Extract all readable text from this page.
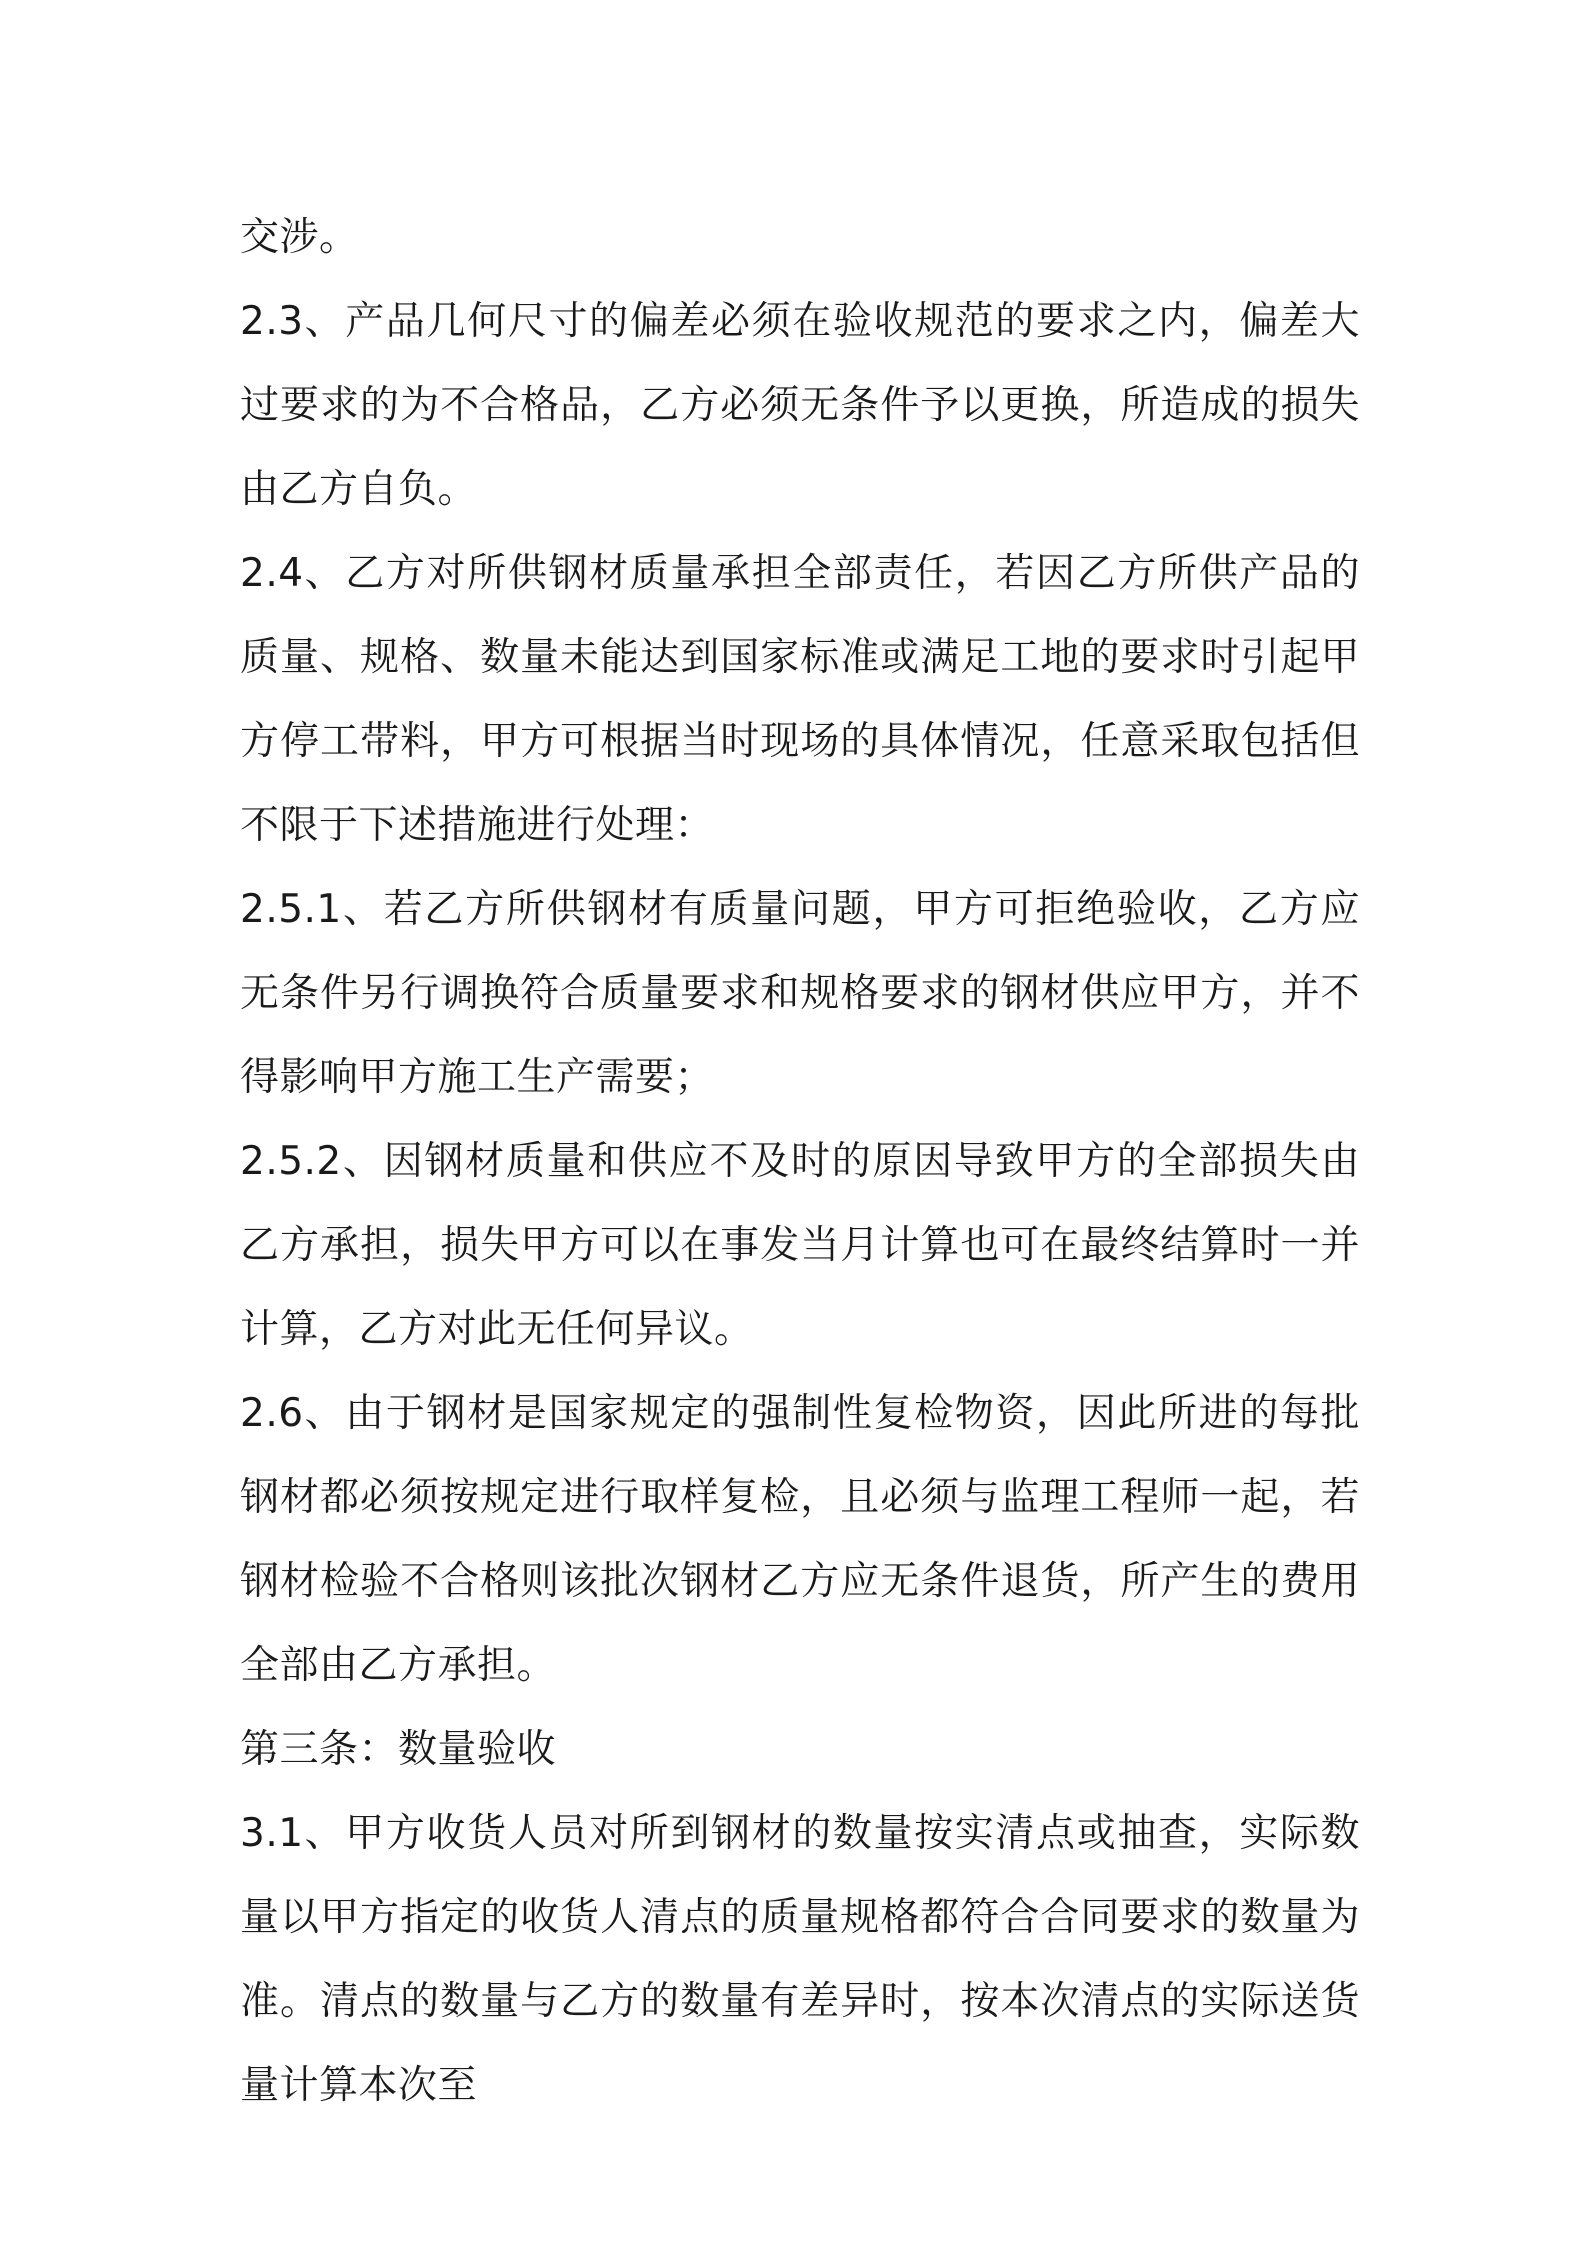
交涉。

2.3、产品几何尺寸的偏差必须在验收规范的要求之内，偏差大过要求的为不合格品，乙方必须无条件予以更换，所造成的损失由乙方自负。

2.4、乙方对所供钢材质量承担全部责任，若因乙方所供产品的质量、规格、数量未能达到国家标准或满足工地的要求时引起甲方停工带料，甲方可根据当时现场的具体情况，任意采取包括但不限于下述措施进行处理：

2.5.1、若乙方所供钢材有质量问题，甲方可拒绝验收，乙方应无条件另行调换符合质量要求和规格要求的钢材供应甲方，并不得影响甲方施工生产需要；

2.5.2、因钢材质量和供应不及时的原因导致甲方的全部损失由乙方承担，损失甲方可以在事发当月计算也可在最终结算时一并计算，乙方对此无任何异议。

2.6、由于钢材是国家规定的强制性复检物资，因此所进的每批钢材都必须按规定进行取样复检，且必须与监理工程师一起，若钢材检验不合格则该批次钢材乙方应无条件退货，所产生的费用全部由乙方承担。

第三条：数量验收

3.1、甲方收货人员对所到钢材的数量按实清点或抽查，实际数量以甲方指定的收货人清点的质量规格都符合合同要求的数量为准。清点的数量与乙方的数量有差异时，按本次清点的实际送货量计算本次至
